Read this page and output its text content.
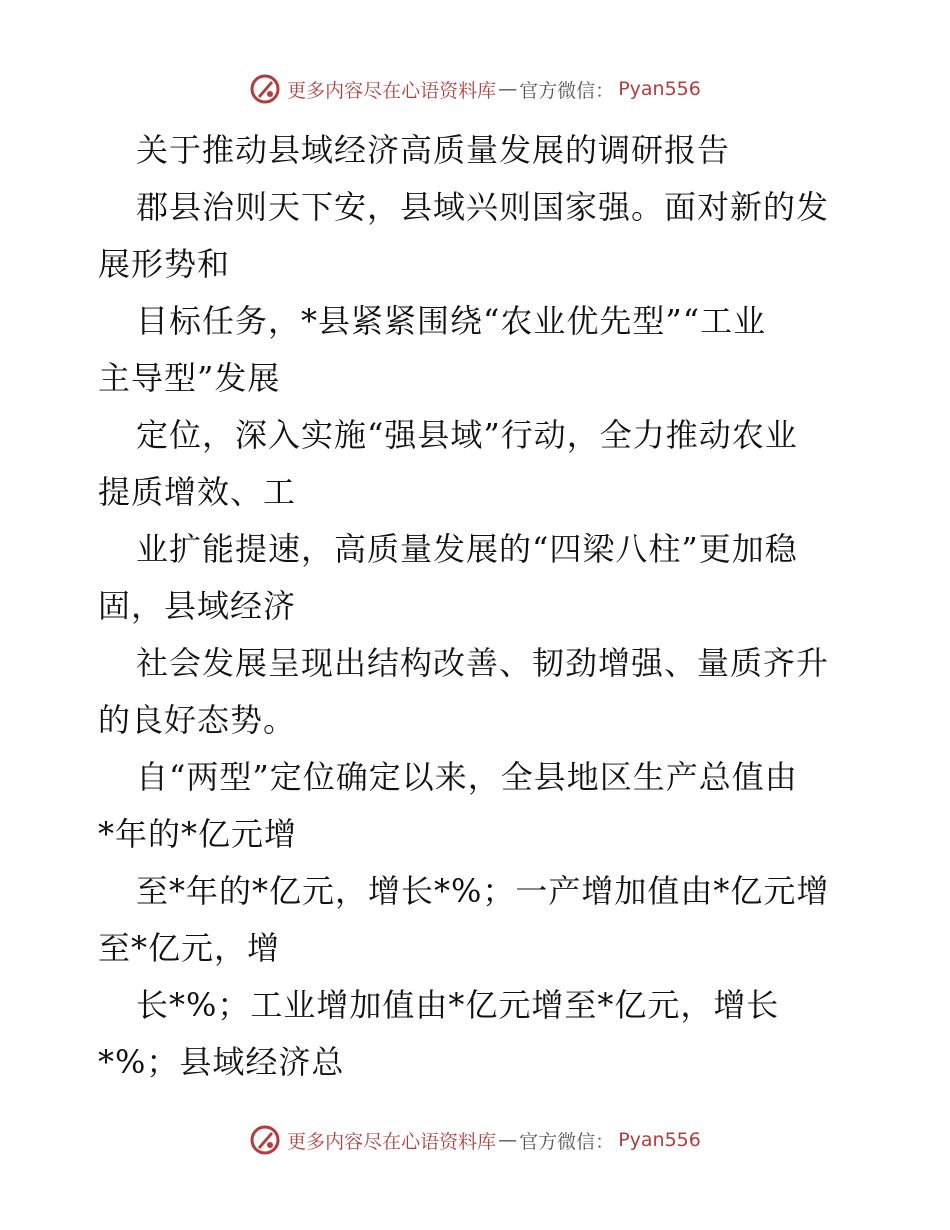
更多内容尽在心语资料库 — 官方微信： Pyan556
关于推动县域经济高质量发展的调研报告
郡县治则天下安，县域兴则国家强。面对新的发
展形势和
目标任务，*县紧紧围绕“农业优先型”“工业
主导型”发展
定位，深入实施“强县域”行动，全力推动农业
提质增效、工
业扩能提速，高质量发展的“四梁八柱”更加稳
固，县域经济
社会发展呈现出结构改善、韧劲增强、量质齐升
的良好态势。
自“两型”定位确定以来，全县地区生产总值由
*年的*亿元增
至*年的*亿元，增长*%；一产增加值由*亿元增
至*亿元，增
长*%；工业增加值由*亿元增至*亿元，增长
*%；县域经济总
更多内容尽在心语资料库 — 官方微信： Pyan556
